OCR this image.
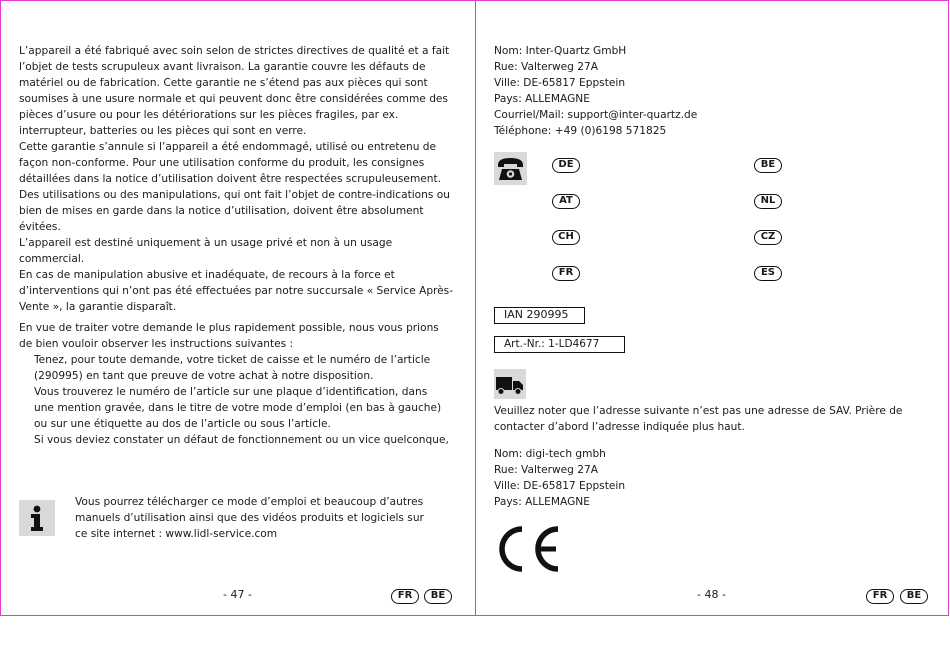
L’appareil a été fabriqué avec soin selon de strictes directives de qualité et a fait l’objet de tests scrupuleux avant livraison. La garantie couvre les défauts de matériel ou de fabrication. Cette garantie ne s’étend pas aux pièces qui sont soumises à une usure normale et qui peuvent donc être considérées comme des pièces d’usure ou pour les détériorations sur les pièces fragiles, par ex. interrupteur, batteries ou les pièces qui sont en verre.

Cette garantie s’annule si l’appareil a été endommagé, utilisé ou entretenu de façon non-conforme. Pour une utilisation conforme du produit, les consignes détaillées dans la notice d’utilisation doivent être respectées scrupuleusement. Des utilisations ou des manipulations, qui ont fait l’objet de contre-indications ou bien de mises en garde dans la notice d’utilisation, doivent être absolument évitées.

L’appareil est destiné uniquement à un usage privé et non à un usage commercial.

En cas de manipulation abusive et inadéquate, de recours à la force et d’interventions qui n’ont pas été effectuées par notre succursale « Service Après-Vente », la garantie disparaît.

En vue de traiter votre demande le plus rapidement possible, nous vous prions de bien vouloir observer les instructions suivantes :

Tenez, pour toute demande, votre ticket de caisse et le numéro de l’article (290995) en tant que preuve de votre achat à notre disposition.

Vous trouverez le numéro de l’article sur une plaque d’identification, dans une mention gravée, dans le titre de votre mode d’emploi (en bas à gauche) ou sur une étiquette au dos de l’article ou sous l’article.

Si vous deviez constater un défaut de fonctionnement ou un vice quelconque,

Vous pourrez télécharger ce mode d’emploi et beaucoup d’autres manuels d’utilisation ainsi que des vidéos produits et logiciels sur ce site internet : www.lidl-service.com

- 47 -	FR	BE

Nom: Inter-Quartz GmbH

Rue: Valterweg 27A

Ville: DE-65817 Eppstein

Pays: ALLEMAGNE

Courriel/Mail: support@inter-quartz.de

Téléphone: +49 (0)6198 571825

DE
AT
CH
FR
BE
NL
CZ
ES
IAN 290995
Art.-Nr.: 1-LD4677

Veuillez noter que l’adresse suivante n’est pas une adresse de SAV. Prière de contacter d’abord l’adresse indiquée plus haut.

Nom: digi-tech gmbh

Rue: Valterweg 27A

Ville: DE-65817 Eppstein

Pays: ALLEMAGNE

- 48 -	FR	BE
